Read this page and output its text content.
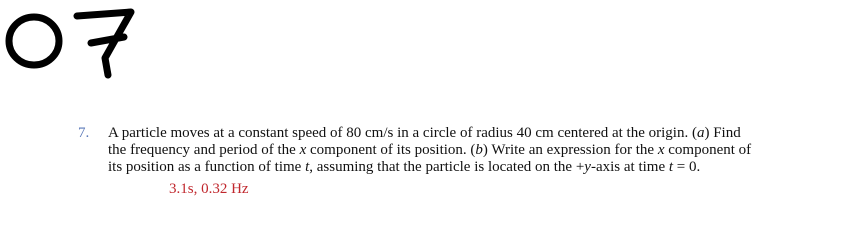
7. A particle moves at a constant speed of 80 cm/s in a circle of radius 40 cm centered at the origin. (a) Find
the frequency and period of the x component of its position. (b) Write an expression for the x component of
its position as a function of time t, assuming that the particle is located on the +y-axis at time t = 0.
3.1s, 0.32 Hz
